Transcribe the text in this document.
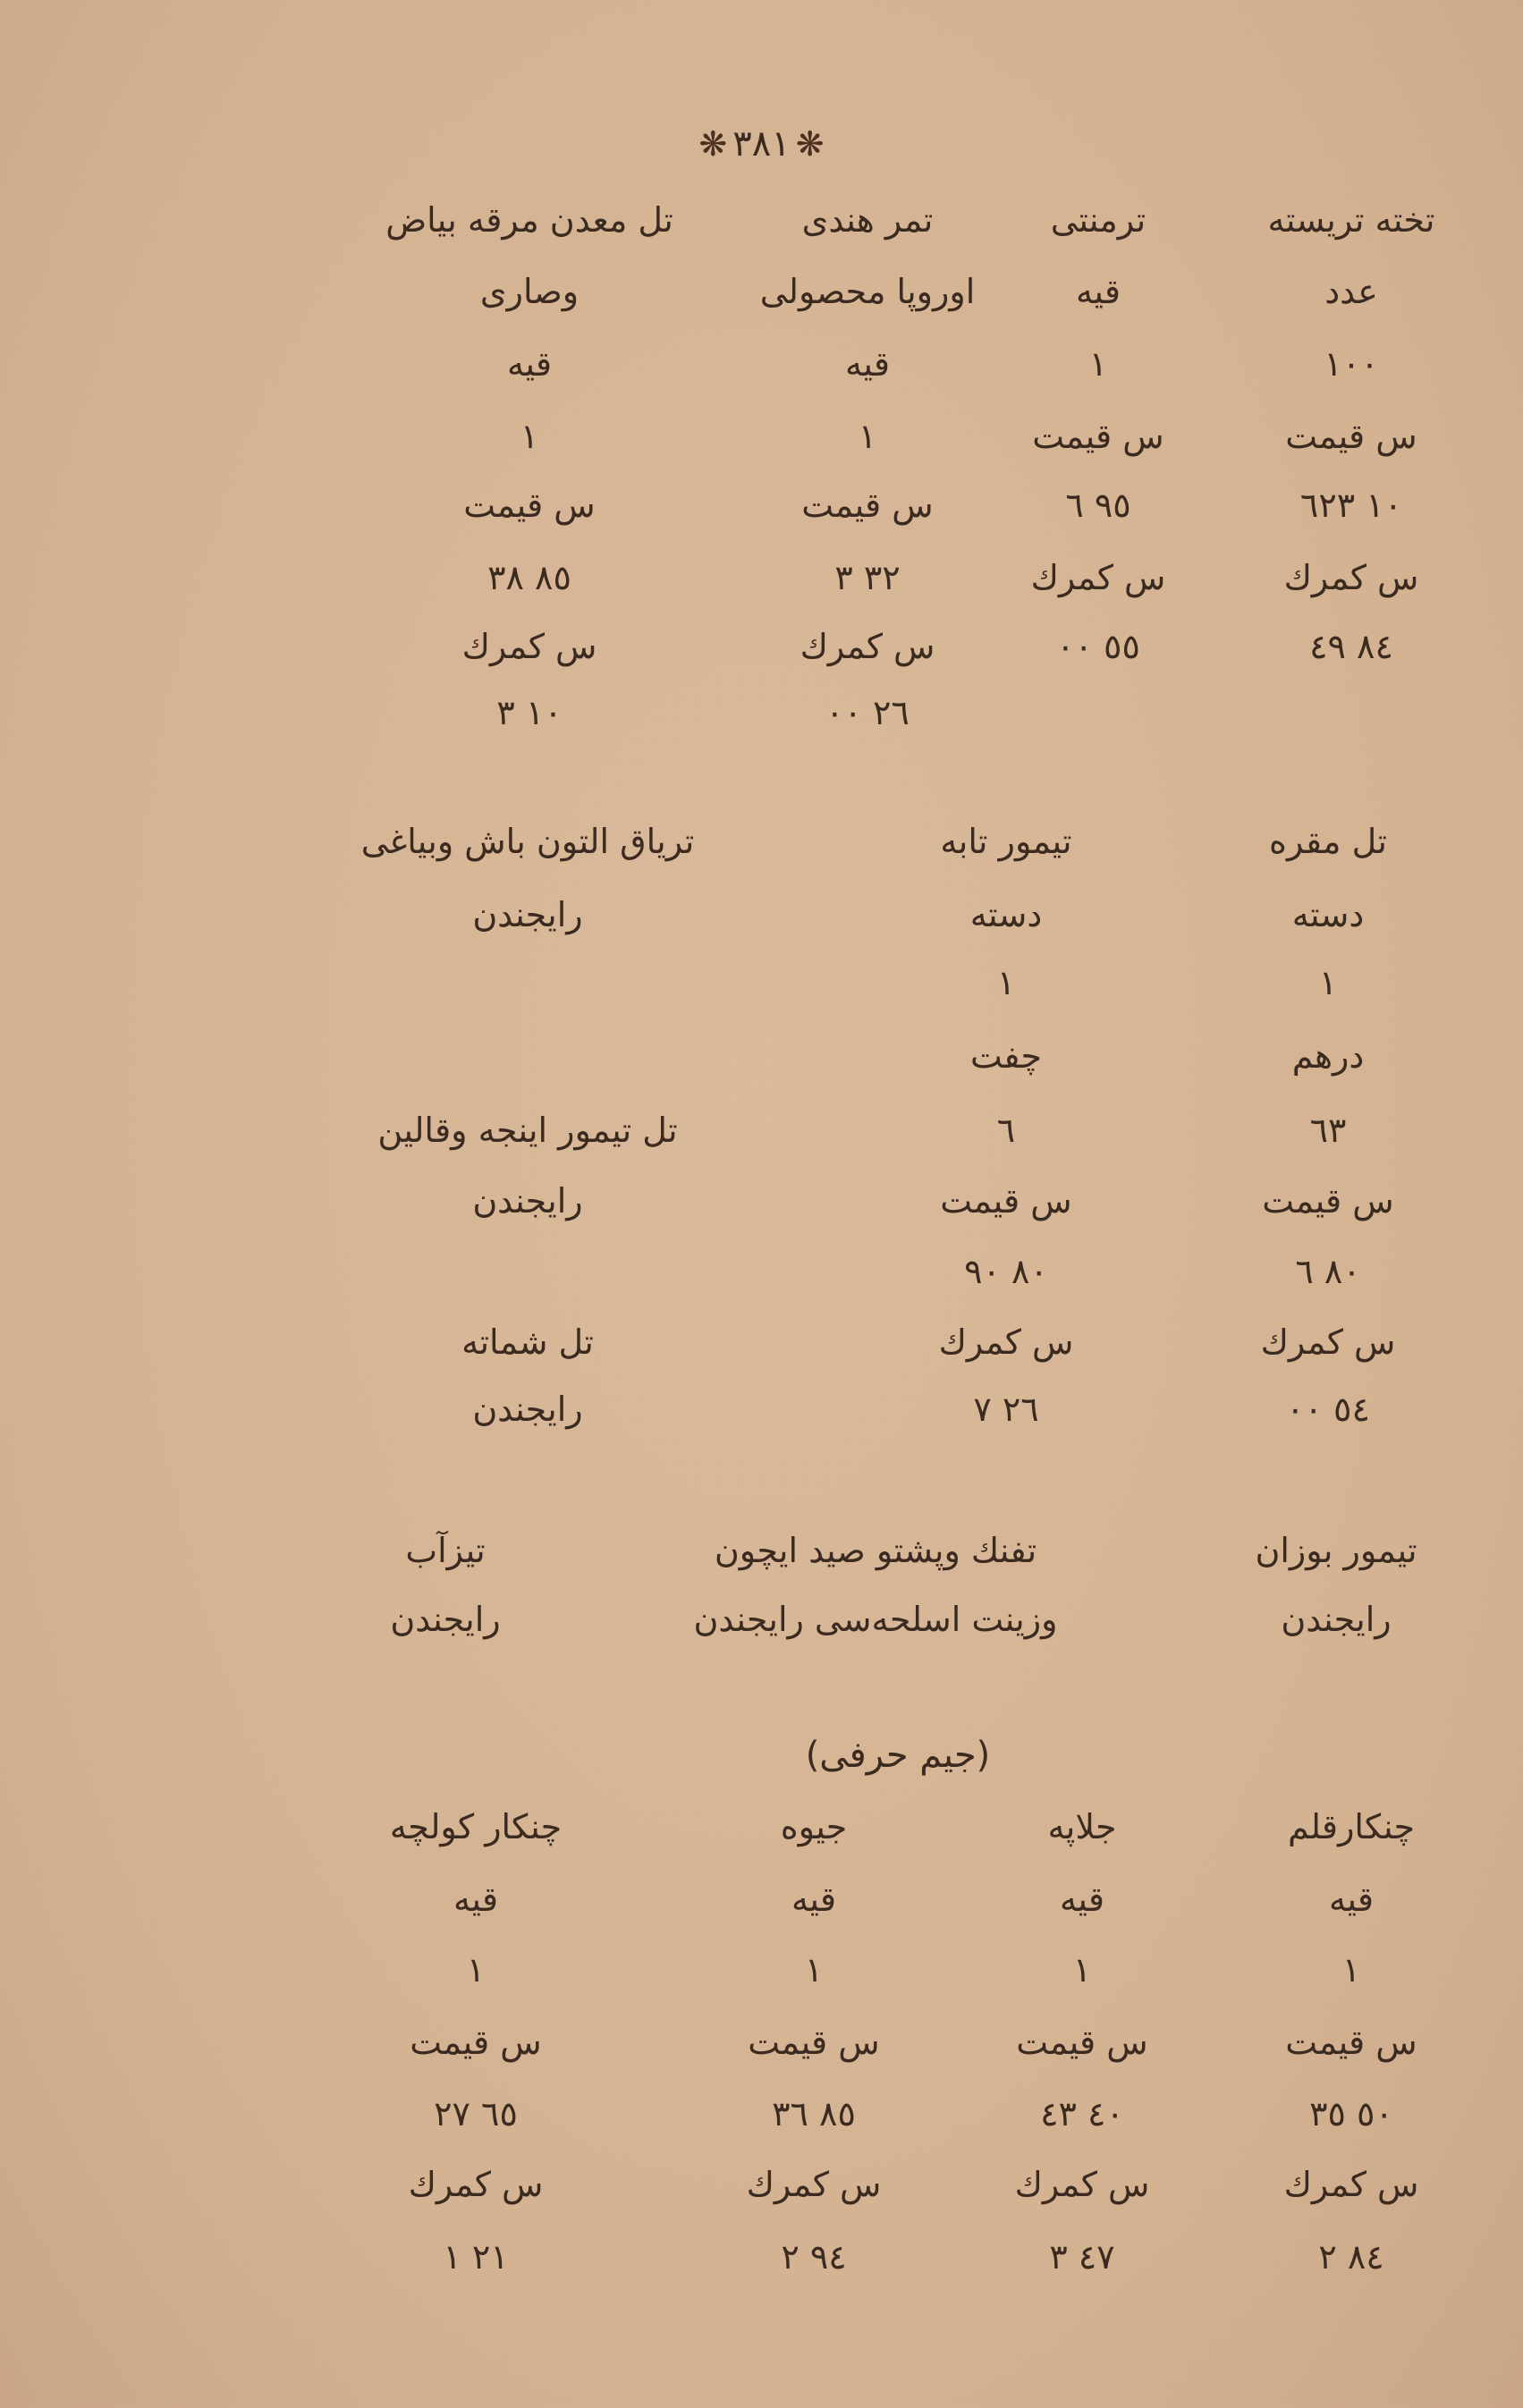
❋٣٨١❋
تخته تريسته
عدد
١٠٠
س قيمت
١٠ ٦٢٣
س كمرك
٨٤ ٤٩
ترمنتى
قيه
١
س قيمت
٩٥ ٦
س كمرك
٥٥ ٠٠
تمر هندى
اوروپا محصولى
قيه
١
س قيمت
٣٢ ٣
س كمرك
٢٦ ٠٠
تل معدن مرقه بياض
وصارى
قيه
١
س قيمت
٨٥ ٣٨
س كمرك
١٠ ٣
تل مقره
دسته
١
درهم
٦٣
س قيمت
٨٠ ٦
س كمرك
٥٤ ٠٠
تيمور تابه
دسته
١
چفت
٦
س قيمت
٨٠ ٩٠
س كمرك
٢٦ ٧
ترياق التون باش وبياغى
رايجندن
تل تيمور اينجه وقالين
رايجندن
تل شماته
رايجندن
تيمور بوزان
رايجندن
تفنك وپشتو صيد ايچون
وزينت اسلحه‌سى رايجندن
تيزآب
رايجندن
(جيم حرفى)
چنكارقلم
قيه
١
س قيمت
٥٠ ٣٥
س كمرك
٨٤ ٢
جلاپه
قيه
١
س قيمت
٤٠ ٤٣
س كمرك
٤٧ ٣
جيوه
قيه
١
س قيمت
٨٥ ٣٦
س كمرك
٩٤ ٢
چنكار كولچه
قيه
١
س قيمت
٦٥ ٢٧
س كمرك
٢١ ١
